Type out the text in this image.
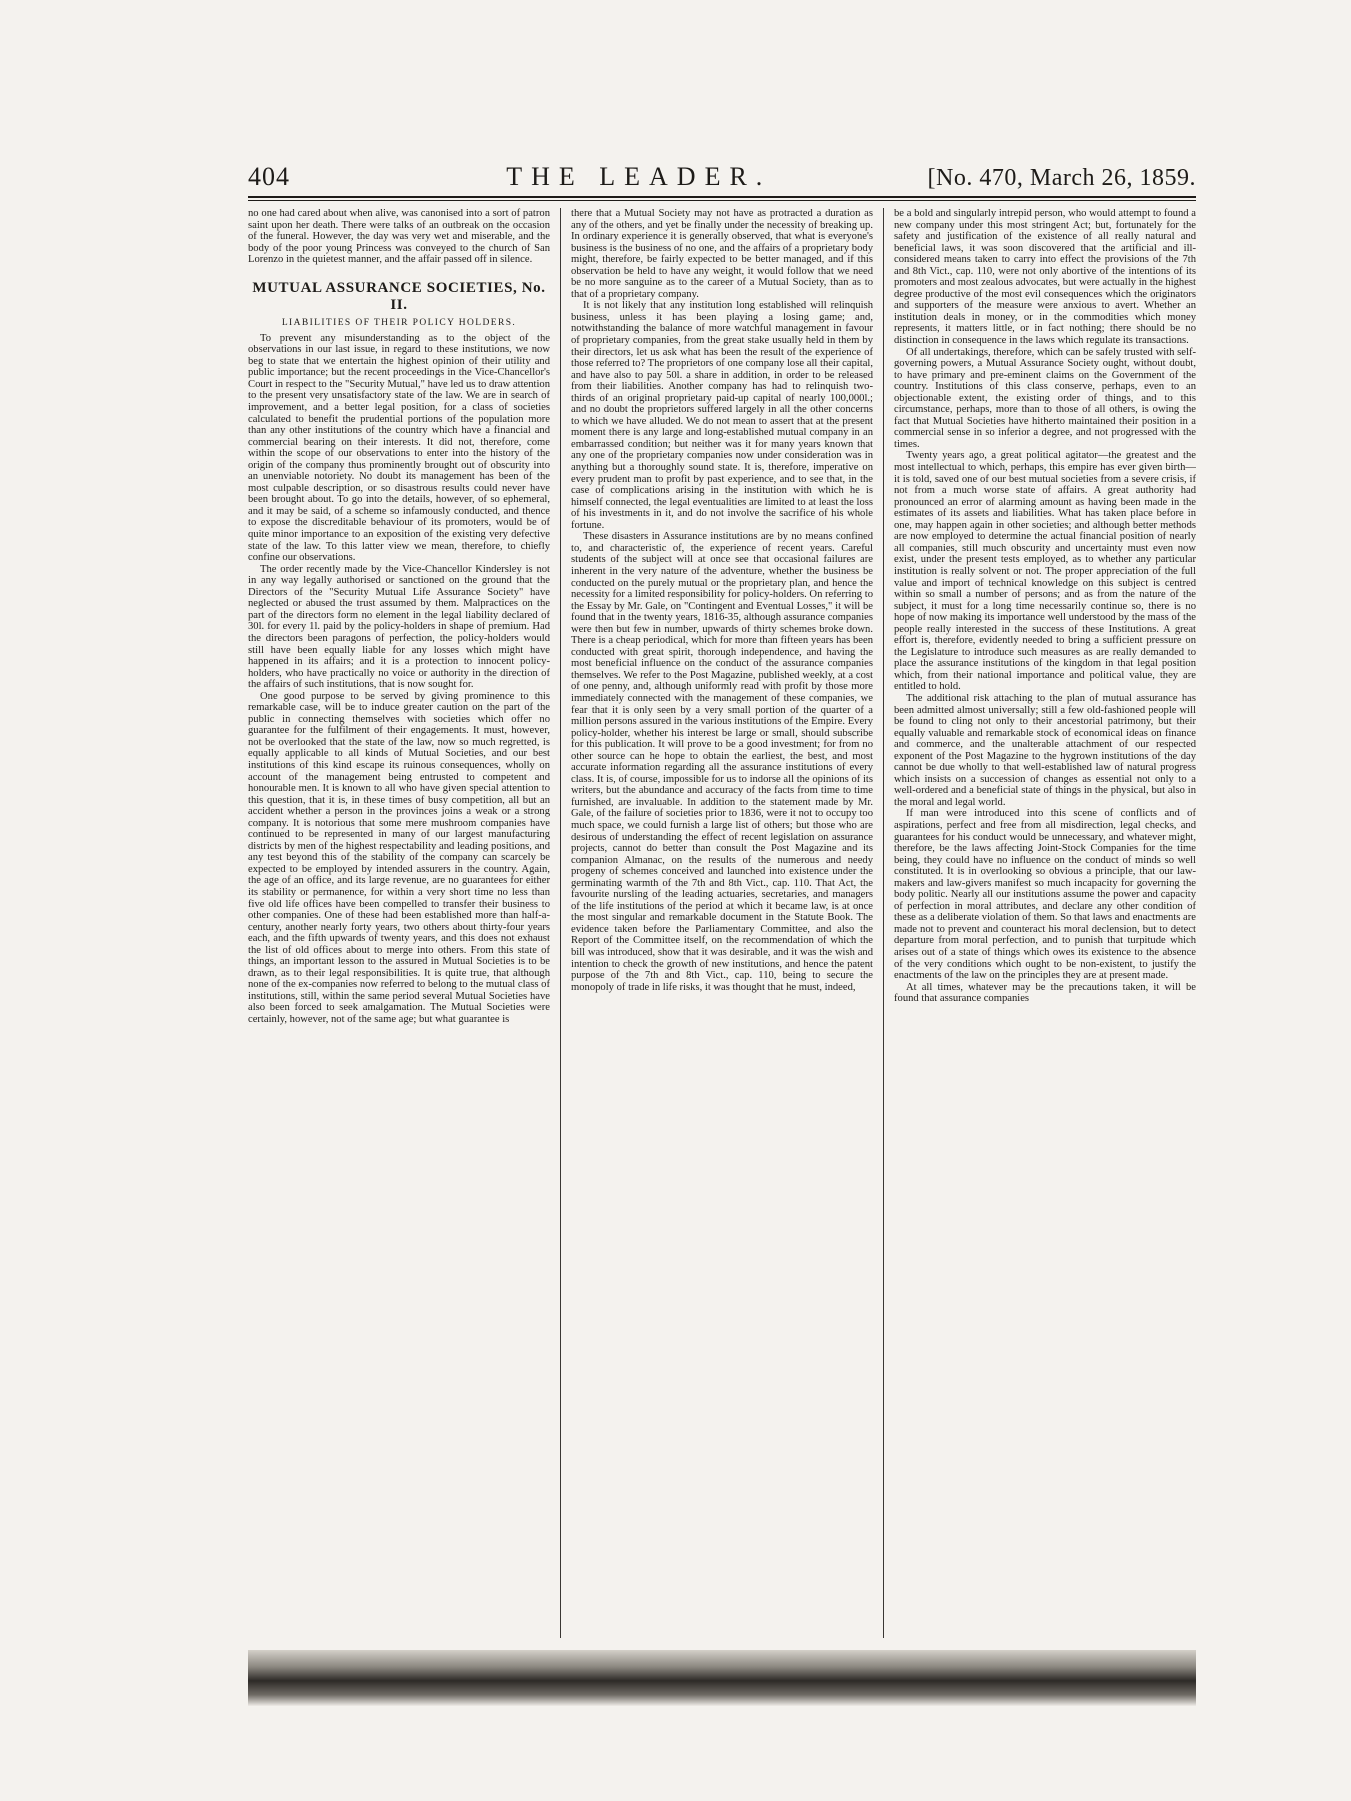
404	THE LEADER.	[No. 470, March 26, 1859.

no one had cared about when alive, was canonised into a sort of patron saint upon her death. There were talks of an outbreak on the occasion of the funeral. However, the day was very wet and miserable, and the body of the poor young Princess was conveyed to the church of San Lorenzo in the quietest manner, and the affair passed off in silence.

MUTUAL ASSURANCE SOCIETIES, No. II.
LIABILITIES OF THEIR POLICY HOLDERS.

To prevent any misunderstanding as to the object of the observations in our last issue, in regard to these institutions, we now beg to state that we entertain the highest opinion of their utility and public importance; but the recent proceedings in the Vice-Chancellor's Court in respect to the "Security Mutual," have led us to draw attention to the present very unsatisfactory state of the law. We are in search of improvement, and a better legal position, for a class of societies calculated to benefit the prudential portions of the population more than any other institutions of the country which have a financial and commercial bearing on their interests. It did not, therefore, come within the scope of our observations to enter into the history of the origin of the company thus prominently brought out of obscurity into an unenviable notoriety. No doubt its management has been of the most culpable description, or so disastrous results could never have been brought about. To go into the details, however, of so ephemeral, and it may be said, of a scheme so infamously conducted, and thence to expose the discreditable behaviour of its promoters, would be of quite minor importance to an exposition of the existing very defective state of the law. To this latter view we mean, therefore, to chiefly confine our observations.

The order recently made by the Vice-Chancellor Kindersley is not in any way legally authorised or sanctioned on the ground that the Directors of the "Security Mutual Life Assurance Society" have neglected or abused the trust assumed by them. Malpractices on the part of the directors form no element in the legal liability declared of 30l. for every 1l. paid by the policy-holders in shape of premium. Had the directors been paragons of perfection, the policy-holders would still have been equally liable for any losses which might have happened in its affairs; and it is a protection to innocent policy-holders, who have practically no voice or authority in the direction of the affairs of such institutions, that is now sought for.

One good purpose to be served by giving prominence to this remarkable case, will be to induce greater caution on the part of the public in connecting themselves with societies which offer no guarantee for the fulfilment of their engagements. It must, however, not be overlooked that the state of the law, now so much regretted, is equally applicable to all kinds of Mutual Societies, and our best institutions of this kind escape its ruinous consequences, wholly on account of the management being entrusted to competent and honourable men. It is known to all who have given special attention to this question, that it is, in these times of busy competition, all but an accident whether a person in the provinces joins a weak or a strong company. It is notorious that some mere mushroom companies have continued to be represented in many of our largest manufacturing districts by men of the highest respectability and leading positions, and any test beyond this of the stability of the company can scarcely be expected to be employed by intended assurers in the country. Again, the age of an office, and its large revenue, are no guarantees for either its stability or permanence, for within a very short time no less than five old life offices have been compelled to transfer their business to other companies. One of these had been established more than half-a-century, another nearly forty years, two others about thirty-four years each, and the fifth upwards of twenty years, and this does not exhaust the list of old offices about to merge into others. From this state of things, an important lesson to the assured in Mutual Societies is to be drawn, as to their legal responsibilities. It is quite true, that although none of the ex-companies now referred to belong to the mutual class of institutions, still, within the same period several Mutual Societies have also been forced to seek amalgamation. The Mutual Societies were certainly, however, not of the same age; but what guarantee is

there that a Mutual Society may not have as protracted a duration as any of the others, and yet be finally under the necessity of breaking up. In ordinary experience it is generally observed, that what is everyone's business is the business of no one, and the affairs of a proprietary body might, therefore, be fairly expected to be better managed, and if this observation be held to have any weight, it would follow that we need be no more sanguine as to the career of a Mutual Society, than as to that of a proprietary company.

It is not likely that any institution long established will relinquish business, unless it has been playing a losing game; and, notwithstanding the balance of more watchful management in favour of proprietary companies, from the great stake usually held in them by their directors, let us ask what has been the result of the experience of those referred to? The proprietors of one company lose all their capital, and have also to pay 50l. a share in addition, in order to be released from their liabilities. Another company has had to relinquish two-thirds of an original proprietary paid-up capital of nearly 100,000l.; and no doubt the proprietors suffered largely in all the other concerns to which we have alluded. We do not mean to assert that at the present moment there is any large and long-established mutual company in an embarrassed condition; but neither was it for many years known that any one of the proprietary companies now under consideration was in anything but a thoroughly sound state. It is, therefore, imperative on every prudent man to profit by past experience, and to see that, in the case of complications arising in the institution with which he is himself connected, the legal eventualities are limited to at least the loss of his investments in it, and do not involve the sacrifice of his whole fortune.

These disasters in Assurance institutions are by no means confined to, and characteristic of, the experience of recent years. Careful students of the subject will at once see that occasional failures are inherent in the very nature of the adventure, whether the business be conducted on the purely mutual or the proprietary plan, and hence the necessity for a limited responsibility for policy-holders. On referring to the Essay by Mr. Gale, on "Contingent and Eventual Losses," it will be found that in the twenty years, 1816-35, although assurance companies were then but few in number, upwards of thirty schemes broke down. There is a cheap periodical, which for more than fifteen years has been conducted with great spirit, thorough independence, and having the most beneficial influence on the conduct of the assurance companies themselves. We refer to the Post Magazine, published weekly, at a cost of one penny, and, although uniformly read with profit by those more immediately connected with the management of these companies, we fear that it is only seen by a very small portion of the quarter of a million persons assured in the various institutions of the Empire. Every policy-holder, whether his interest be large or small, should subscribe for this publication. It will prove to be a good investment; for from no other source can he hope to obtain the earliest, the best, and most accurate information regarding all the assurance institutions of every class. It is, of course, impossible for us to indorse all the opinions of its writers, but the abundance and accuracy of the facts from time to time furnished, are invaluable. In addition to the statement made by Mr. Gale, of the failure of societies prior to 1836, were it not to occupy too much space, we could furnish a large list of others; but those who are desirous of understanding the effect of recent legislation on assurance projects, cannot do better than consult the Post Magazine and its companion Almanac, on the results of the numerous and needy progeny of schemes conceived and launched into existence under the germinating warmth of the 7th and 8th Vict., cap. 110. That Act, the favourite nursling of the leading actuaries, secretaries, and managers of the life institutions of the period at which it became law, is at once the most singular and remarkable document in the Statute Book. The evidence taken before the Parliamentary Committee, and also the Report of the Committee itself, on the recommendation of which the bill was introduced, show that it was desirable, and it was the wish and intention to check the growth of new institutions, and hence the patent purpose of the 7th and 8th Vict., cap. 110, being to secure the monopoly of trade in life risks, it was thought that he must, indeed,

be a bold and singularly intrepid person, who would attempt to found a new company under this most stringent Act; but, fortunately for the safety and justification of the existence of all really natural and beneficial laws, it was soon discovered that the artificial and ill-considered means taken to carry into effect the provisions of the 7th and 8th Vict., cap. 110, were not only abortive of the intentions of its promoters and most zealous advocates, but were actually in the highest degree productive of the most evil consequences which the originators and supporters of the measure were anxious to avert. Whether an institution deals in money, or in the commodities which money represents, it matters little, or in fact nothing; there should be no distinction in consequence in the laws which regulate its transactions.

Of all undertakings, therefore, which can be safely trusted with self-governing powers, a Mutual Assurance Society ought, without doubt, to have primary and pre-eminent claims on the Government of the country. Institutions of this class conserve, perhaps, even to an objectionable extent, the existing order of things, and to this circumstance, perhaps, more than to those of all others, is owing the fact that Mutual Societies have hitherto maintained their position in a commercial sense in so inferior a degree, and not progressed with the times.

Twenty years ago, a great political agitator—the greatest and the most intellectual to which, perhaps, this empire has ever given birth—it is told, saved one of our best mutual societies from a severe crisis, if not from a much worse state of affairs. A great authority had pronounced an error of alarming amount as having been made in the estimates of its assets and liabilities. What has taken place before in one, may happen again in other societies; and although better methods are now employed to determine the actual financial position of nearly all companies, still much obscurity and uncertainty must even now exist, under the present tests employed, as to whether any particular institution is really solvent or not. The proper appreciation of the full value and import of technical knowledge on this subject is centred within so small a number of persons; and as from the nature of the subject, it must for a long time necessarily continue so, there is no hope of now making its importance well understood by the mass of the people really interested in the success of these Institutions. A great effort is, therefore, evidently needed to bring a sufficient pressure on the Legislature to introduce such measures as are really demanded to place the assurance institutions of the kingdom in that legal position which, from their national importance and political value, they are entitled to hold.

The additional risk attaching to the plan of mutual assurance has been admitted almost universally; still a few old-fashioned people will be found to cling not only to their ancestorial patrimony, but their equally valuable and remarkable stock of economical ideas on finance and commerce, and the unalterable attachment of our respected exponent of the Post Magazine to the hygrown institutions of the day cannot be due wholly to that well-established law of natural progress which insists on a succession of changes as essential not only to a well-ordered and a beneficial state of things in the physical, but also in the moral and legal world.

If man were introduced into this scene of conflicts and of aspirations, perfect and free from all misdirection, legal checks, and guarantees for his conduct would be unnecessary, and whatever might, therefore, be the laws affecting Joint-Stock Companies for the time being, they could have no influence on the conduct of minds so well constituted. It is in overlooking so obvious a principle, that our law-makers and law-givers manifest so much incapacity for governing the body politic. Nearly all our institutions assume the power and capacity of perfection in moral attributes, and declare any other condition of these as a deliberate violation of them. So that laws and enactments are made not to prevent and counteract his moral declension, but to detect departure from moral perfection, and to punish that turpitude which arises out of a state of things which owes its existence to the absence of the very conditions which ought to be non-existent, to justify the enactments of the law on the principles they are at present made.

At all times, whatever may be the precautions taken, it will be found that assurance companies
